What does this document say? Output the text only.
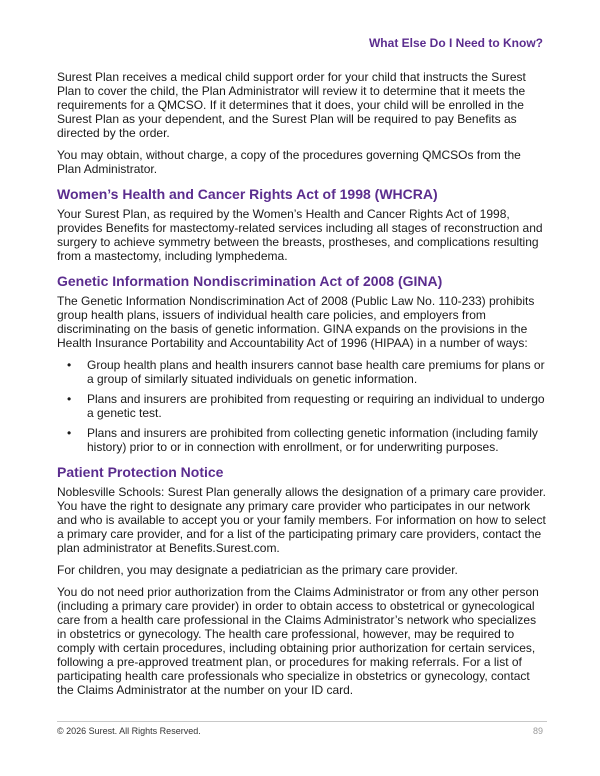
What Else Do I Need to Know?

Surest Plan receives a medical child support order for your child that instructs the Surest Plan to cover the child, the Plan Administrator will review it to determine that it meets the requirements for a QMCSO. If it determines that it does, your child will be enrolled in the Surest Plan as your dependent, and the Surest Plan will be required to pay Benefits as directed by the order.

You may obtain, without charge, a copy of the procedures governing QMCSOs from the Plan Administrator.

Women’s Health and Cancer Rights Act of 1998 (WHCRA)

Your Surest Plan, as required by the Women’s Health and Cancer Rights Act of 1998, provides Benefits for mastectomy-related services including all stages of reconstruction and surgery to achieve symmetry between the breasts, prostheses, and complications resulting from a mastectomy, including lymphedema.

Genetic Information Nondiscrimination Act of 2008 (GINA)

The Genetic Information Nondiscrimination Act of 2008 (Public Law No. 110-233) prohibits group health plans, issuers of individual health care policies, and employers from discriminating on the basis of genetic information. GINA expands on the provisions in the Health Insurance Portability and Accountability Act of 1996 (HIPAA) in a number of ways:

• Group health plans and health insurers cannot base health care premiums for plans or a group of similarly situated individuals on genetic information.
• Plans and insurers are prohibited from requesting or requiring an individual to undergo a genetic test.
• Plans and insurers are prohibited from collecting genetic information (including family history) prior to or in connection with enrollment, or for underwriting purposes.
Patient Protection Notice

Noblesville Schools: Surest Plan generally allows the designation of a primary care provider. You have the right to designate any primary care provider who participates in our network and who is available to accept you or your family members. For information on how to select a primary care provider, and for a list of the participating primary care providers, contact the plan administrator at Benefits.Surest.com.

For children, you may designate a pediatrician as the primary care provider.

You do not need prior authorization from the Claims Administrator or from any other person (including a primary care provider) in order to obtain access to obstetrical or gynecological care from a health care professional in the Claims Administrator’s network who specializes in obstetrics or gynecology. The health care professional, however, may be required to comply with certain procedures, including obtaining prior authorization for certain services, following a pre-approved treatment plan, or procedures for making referrals. For a list of participating health care professionals who specialize in obstetrics or gynecology, contact the Claims Administrator at the number on your ID card.

© 2026 Surest. All Rights Reserved.	89
